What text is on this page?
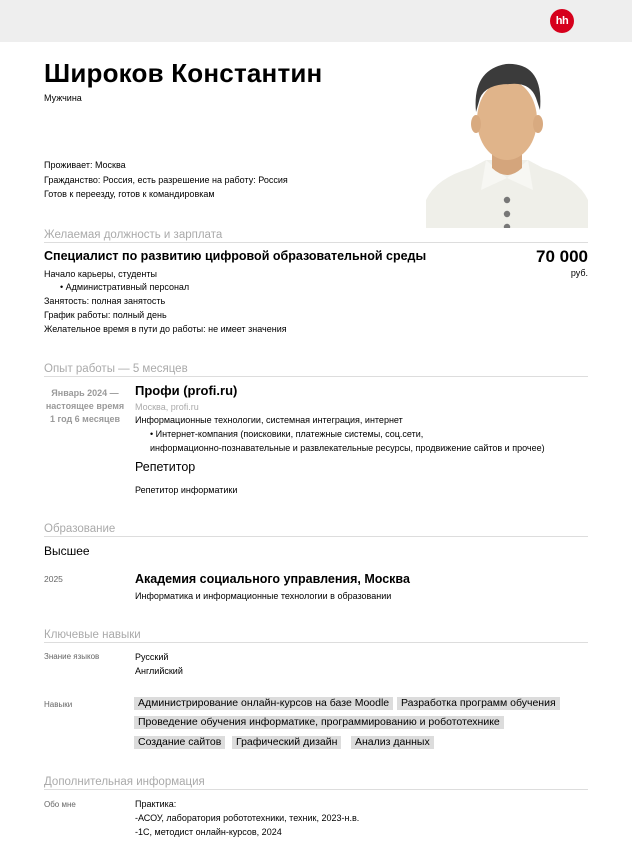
hh
Широков Константин
Мужчина
Проживает: Москва
Гражданство: Россия, есть разрешение на работу: Россия
Готов к переезду, готов к командировкам
Желаемая должность и зарплата
Специалист по развитию цифровой образовательной среды	70 000
руб.
Начало карьеры, студенты
• Административный персонал
Занятость: полная занятость
График работы: полный день
Желательное время в пути до работы: не имеет значения
Опыт работы — 5 месяцев
Январь 2024 —
настоящее время
1 год 6 месяцев
Профи (profi.ru)
Москва, profi.ru
Информационные технологии, системная интеграция, интернет
• Интернет-компания (поисковики, платежные системы, соц.сети,
информационно-познавательные и развлекательные ресурсы, продвижение сайтов и прочее)
Репетитор
Репетитор информатики
Образование
Высшее
2025	Академия социального управления, Москва
Информатика и информационные технологии в образовании
Ключевые навыки
Знание языков	Русский
Английский
Навыки	Администрирование онлайн-курсов на базе Moodle	Разработка программ обучения
Проведение обучения информатике, программированию и робототехнике
Создание сайтов	Графический дизайн	Анализ данных
Дополнительная информация
Обо мне	Практика:
-АСОУ, лаборатория робототехники, техник, 2023-н.в.
-1С, методист онлайн-курсов, 2024
